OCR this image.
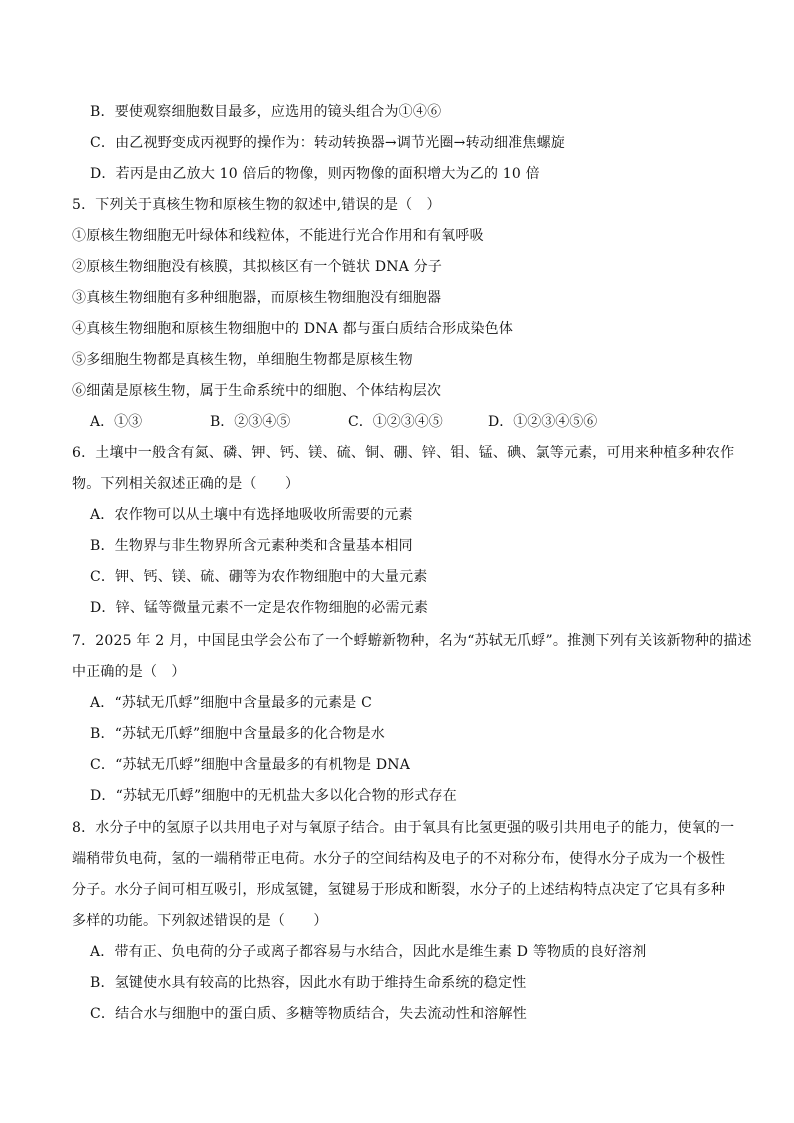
B．要使观察细胞数目最多，应选用的镜头组合为①④⑥
C．由乙视野变成丙视野的操作为：转动转换器→调节光圈→转动细准焦螺旋
D．若丙是由乙放大 10 倍后的物像，则丙物像的面积增大为乙的 10 倍
5．下列关于真核生物和原核生物的叙述中,错误的是（　）
①原核生物细胞无叶绿体和线粒体，不能进行光合作用和有氧呼吸
②原核生物细胞没有核膜，其拟核区有一个链状 DNA 分子
③真核生物细胞有多种细胞器，而原核生物细胞没有细胞器
④真核生物细胞和原核生物细胞中的 DNA 都与蛋白质结合形成染色体
⑤多细胞生物都是真核生物，单细胞生物都是原核生物
⑥细菌是原核生物，属于生命系统中的细胞、个体结构层次
A．①③	B．②③④⑤	C．①②③④⑤	D．①②③④⑤⑥
6．土壤中一般含有氮、磷、钾、钙、镁、硫、铜、硼、锌、钼、锰、碘、氯等元素，可用来种植多种农作
物。下列相关叙述正确的是（　　）
A．农作物可以从土壤中有选择地吸收所需要的元素
B．生物界与非生物界所含元素种类和含量基本相同
C．钾、钙、镁、硫、硼等为农作物细胞中的大量元素
D．锌、锰等微量元素不一定是农作物细胞的必需元素
7．2025 年 2 月，中国昆虫学会公布了一个蜉蝣新物种，名为“苏轼无爪蜉”。推测下列有关该新物种的描述
中正确的是（　）
A．“苏轼无爪蜉”细胞中含量最多的元素是 C
B．“苏轼无爪蜉”细胞中含量最多的化合物是水
C．“苏轼无爪蜉”细胞中含量最多的有机物是 DNA
D．“苏轼无爪蜉”细胞中的无机盐大多以化合物的形式存在
8．水分子中的氢原子以共用电子对与氧原子结合。由于氧具有比氢更强的吸引共用电子的能力，使氧的一
端稍带负电荷，氢的一端稍带正电荷。水分子的空间结构及电子的不对称分布，使得水分子成为一个极性
分子。水分子间可相互吸引，形成氢键，氢键易于形成和断裂，水分子的上述结构特点决定了它具有多种
多样的功能。下列叙述错误的是（　　）
A．带有正、负电荷的分子或离子都容易与水结合，因此水是维生素 D 等物质的良好溶剂
B．氢键使水具有较高的比热容，因此水有助于维持生命系统的稳定性
C．结合水与细胞中的蛋白质、多糖等物质结合，失去流动性和溶解性
